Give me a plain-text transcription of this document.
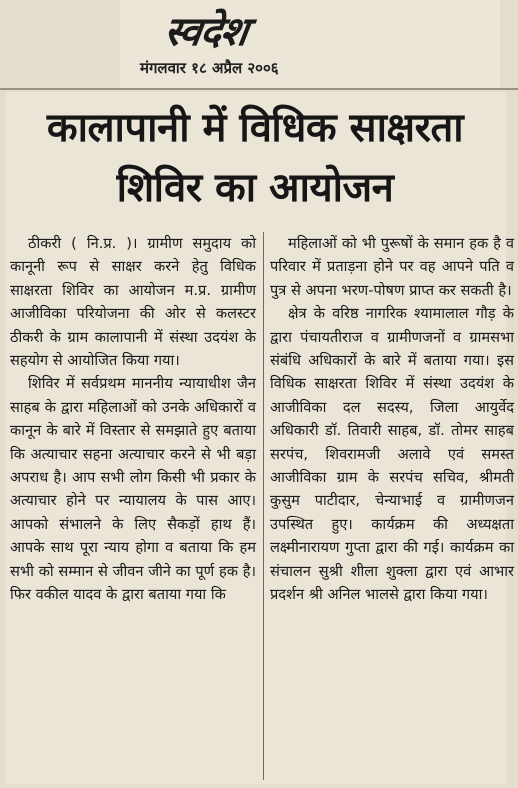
स्वदेश
मंगलवार १८ अप्रैल २००६
कालापानी में विधिक साक्षरता
शिविर का आयोजन

ठीकरी ( नि.प्र. )। ग्रामीण समुदाय को कानूनी रूप से साक्षर करने हेतु विधिक साक्षरता शिविर का आयोजन म.प्र. ग्रामीण आजीविका परियोजना की ओर से कलस्टर ठीकरी के ग्राम कालापानी में संस्था उदयंश के सहयोग से आयोजित किया गया।

शिविर में सर्वप्रथम माननीय न्यायाधीश जैन साहब के द्वारा महिलाओं को उनके अधिकारों व कानून के बारे में विस्तार से समझाते हुए बताया कि अत्याचार सहना अत्याचार करने से भी बड़ा अपराध है। आप सभी लोग किसी भी प्रकार के अत्याचार होने पर न्यायालय के पास आए। आपको संभालने के लिए सैकड़ों हाथ हैं। आपके साथ पूरा न्याय होगा व बताया कि हम सभी को सम्मान से जीवन जीने का पूर्ण हक है। फिर वकील यादव के द्वारा बताया गया कि

महिलाओं को भी पुरूषों के समान हक है व परिवार में प्रताड़ना होने पर वह आपने पति व पुत्र से अपना भरण-पोषण प्राप्त कर सकती है।

क्षेत्र के वरिष्ठ नागरिक श्यामालाल गौड़ के द्वारा पंचायतीराज व ग्रामीणजनों व ग्रामसभा संबंधि अधिकारों के बारे में बताया गया। इस विधिक साक्षरता शिविर में संस्था उदयंश के आजीविका दल सदस्य, जिला आयुर्वेद अधिकारी डॉ. तिवारी साहब, डॉ. तोमर साहब सरपंच, शिवरामजी अलावे एवं समस्त आजीविका ग्राम के सरपंच सचिव, श्रीमती कुसुम पाटीदार, चेन्याभाई व ग्रामीणजन उपस्थित हुए। कार्यक्रम की अध्यक्षता लक्ष्मीनारायण गुप्ता द्वारा की गई। कार्यक्रम का संचालन सुश्री शीला शुक्ला द्वारा एवं आभार प्रदर्शन श्री अनिल भालसे द्वारा किया गया।
